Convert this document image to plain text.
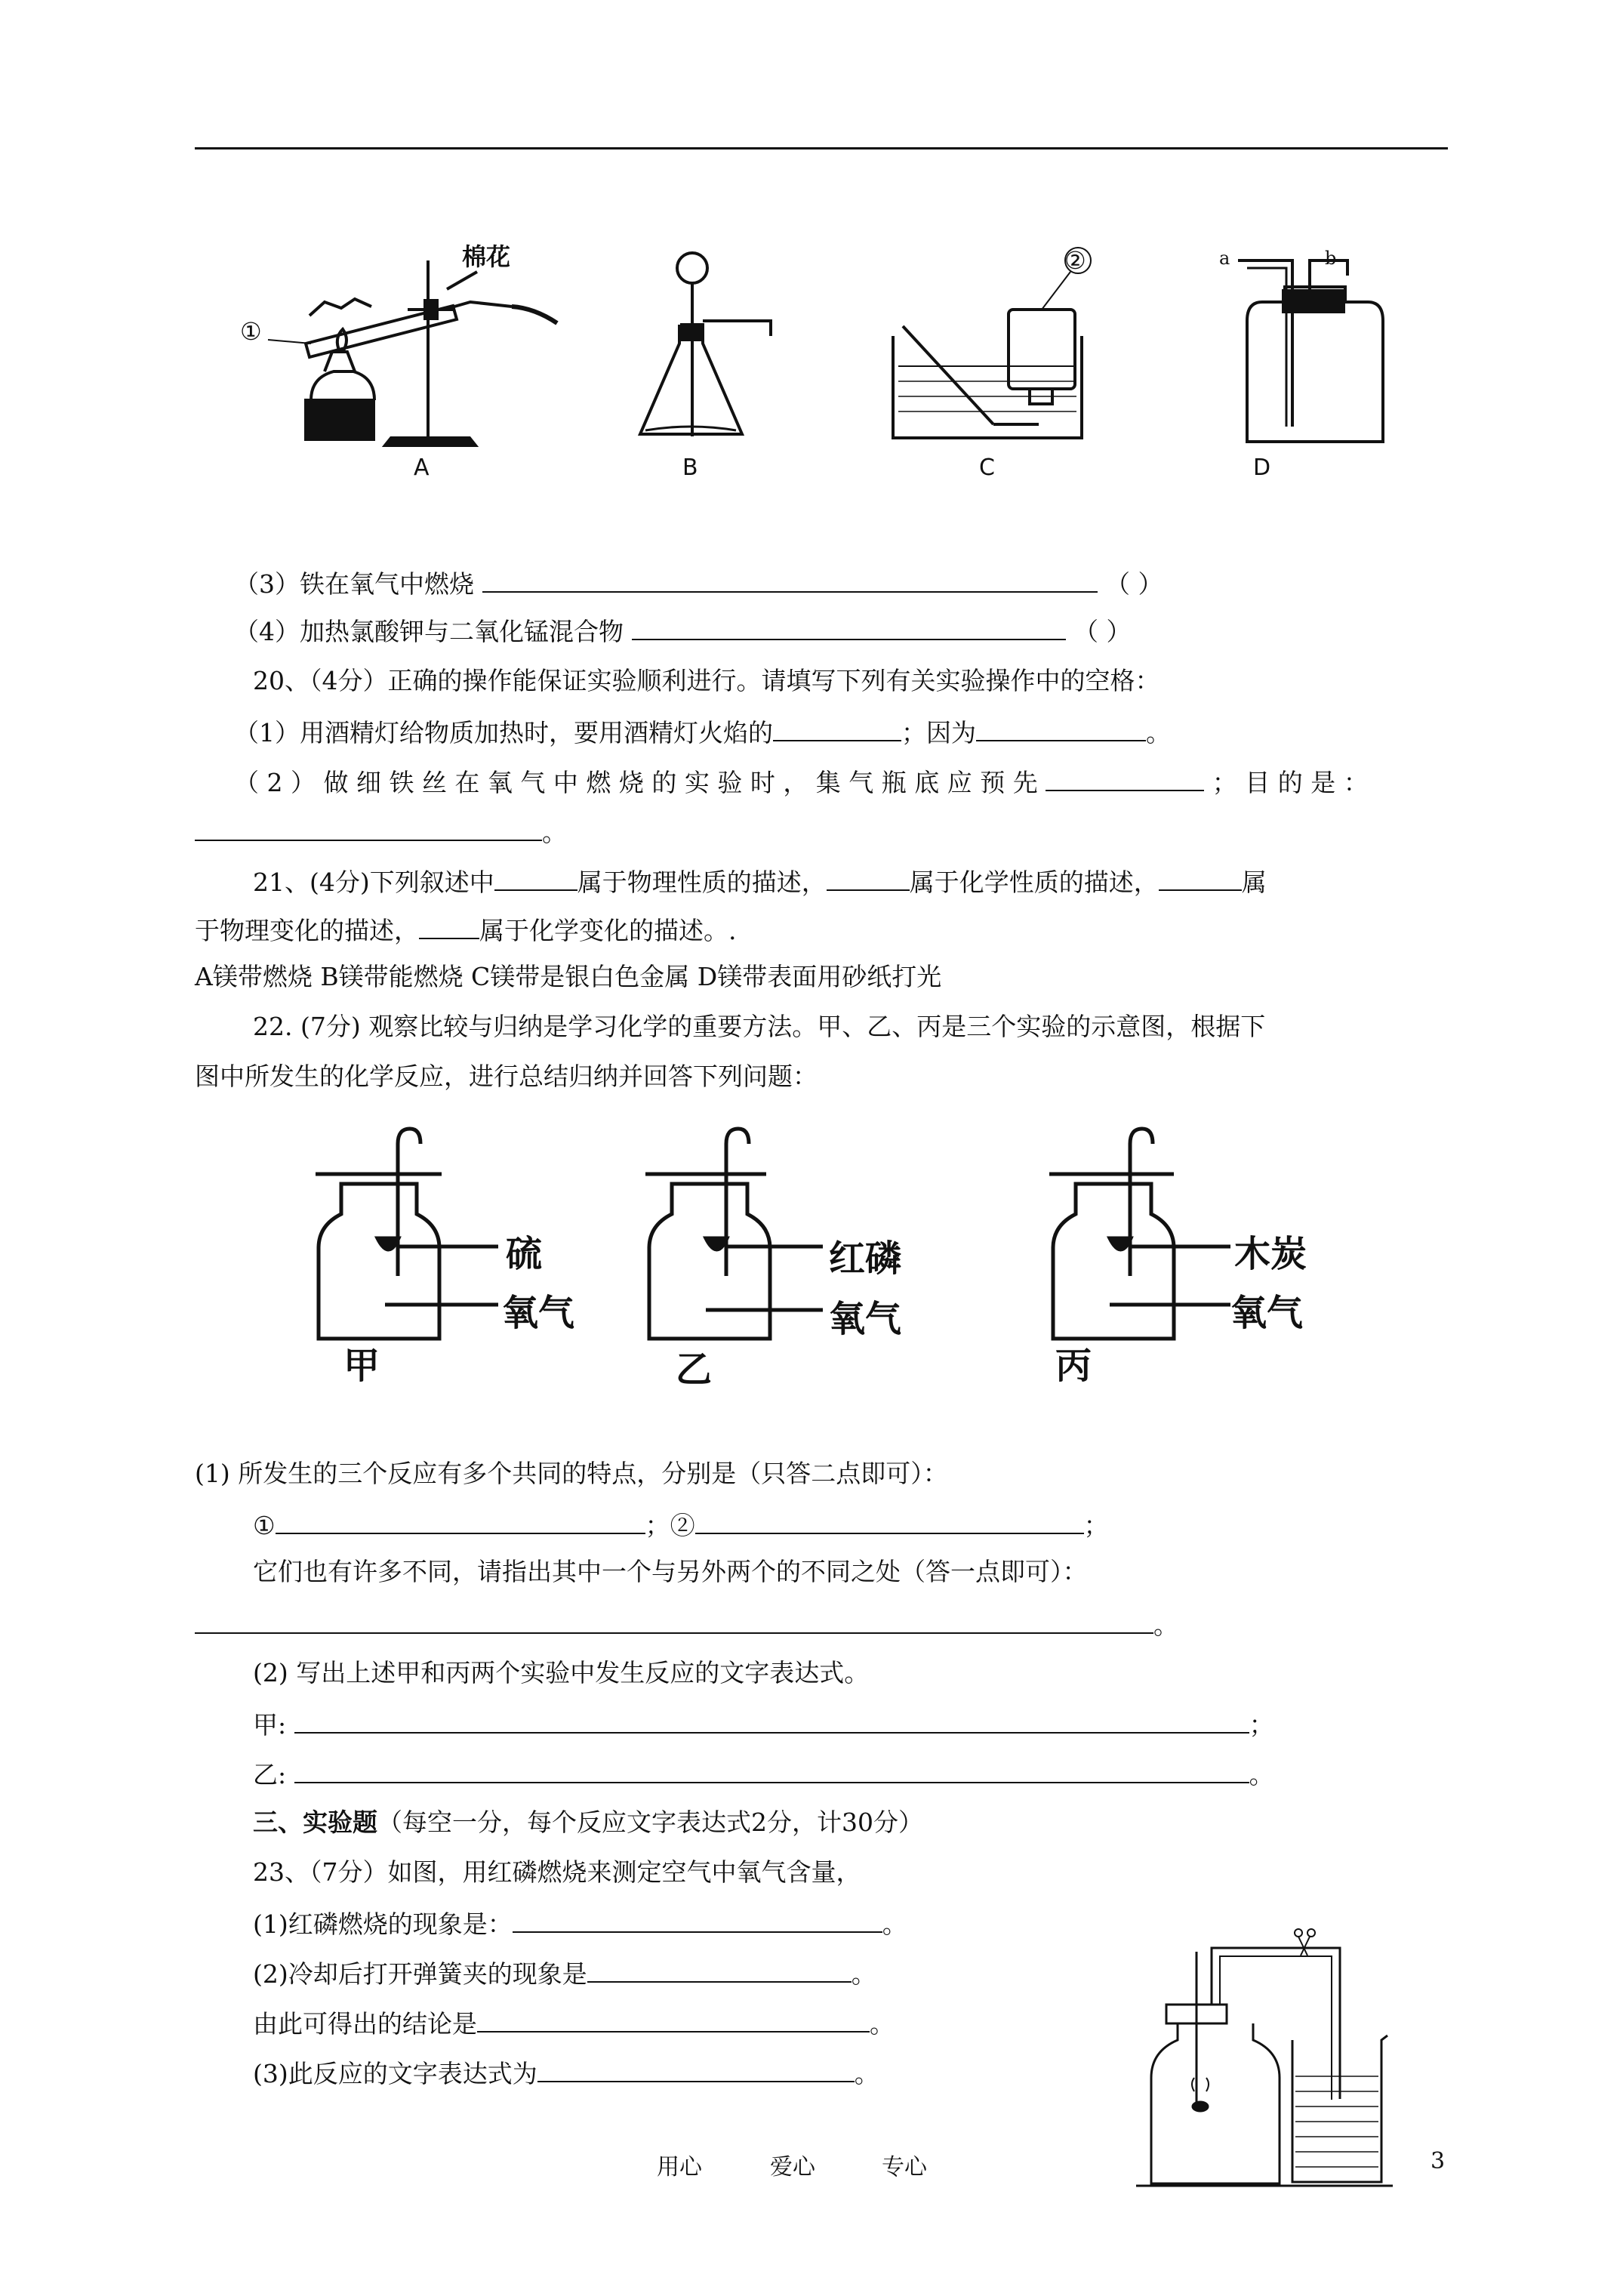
①
②
棉花	a	b
A	B	C	D
（3）铁在氧气中燃烧	（ ）
（4）加热氯酸钾与二氧化锰混合物	（ ）
20、（4分）正确的操作能保证实验顺利进行。请填写下列有关实验操作中的空格：
（1）用酒精灯给物质加热时，要用酒精灯火焰的	；因为	。
（ 2 ） 做 细 铁 丝 在 氧 气 中 燃 烧 的 实 验 时 ， 集 气 瓶 底 应 预 先	； 目 的 是 ：
。
21、(4分)下列叙述中	属于物理性质的描述，	属于化学性质的描述，	属
于物理变化的描述， 属于化学变化的描述。.
A镁带燃烧 B镁带能燃烧 C镁带是银白色金属 D镁带表面用砂纸打光
22. (7分) 观察比较与归纳是学习化学的重要方法。甲、乙、丙是三个实验的示意图，根据下
图中所发生的化学反应，进行总结归纳并回答下列问题：
硫
氧气
红磷
氧气
木炭
氧气
甲	乙	丙
(1) 所发生的三个反应有多个共同的特点，分别是（只答二点即可）：
①	；②	；
它们也有许多不同，请指出其中一个与另外两个的不同之处（答一点即可）：
。
(2) 写出上述甲和丙两个实验中发生反应的文字表达式。
甲:	；
乙:	。
三、实验题（每空一分，每个反应文字表达式2分，计30分）
23、（7分）如图，用红磷燃烧来测定空气中氧气含量，
(1)红磷燃烧的现象是：	。
(2)冷却后打开弹簧夹的现象是	。
由此可得出的结论是	。
(3)此反应的文字表达式为	。
用心	爱心	专心	3
